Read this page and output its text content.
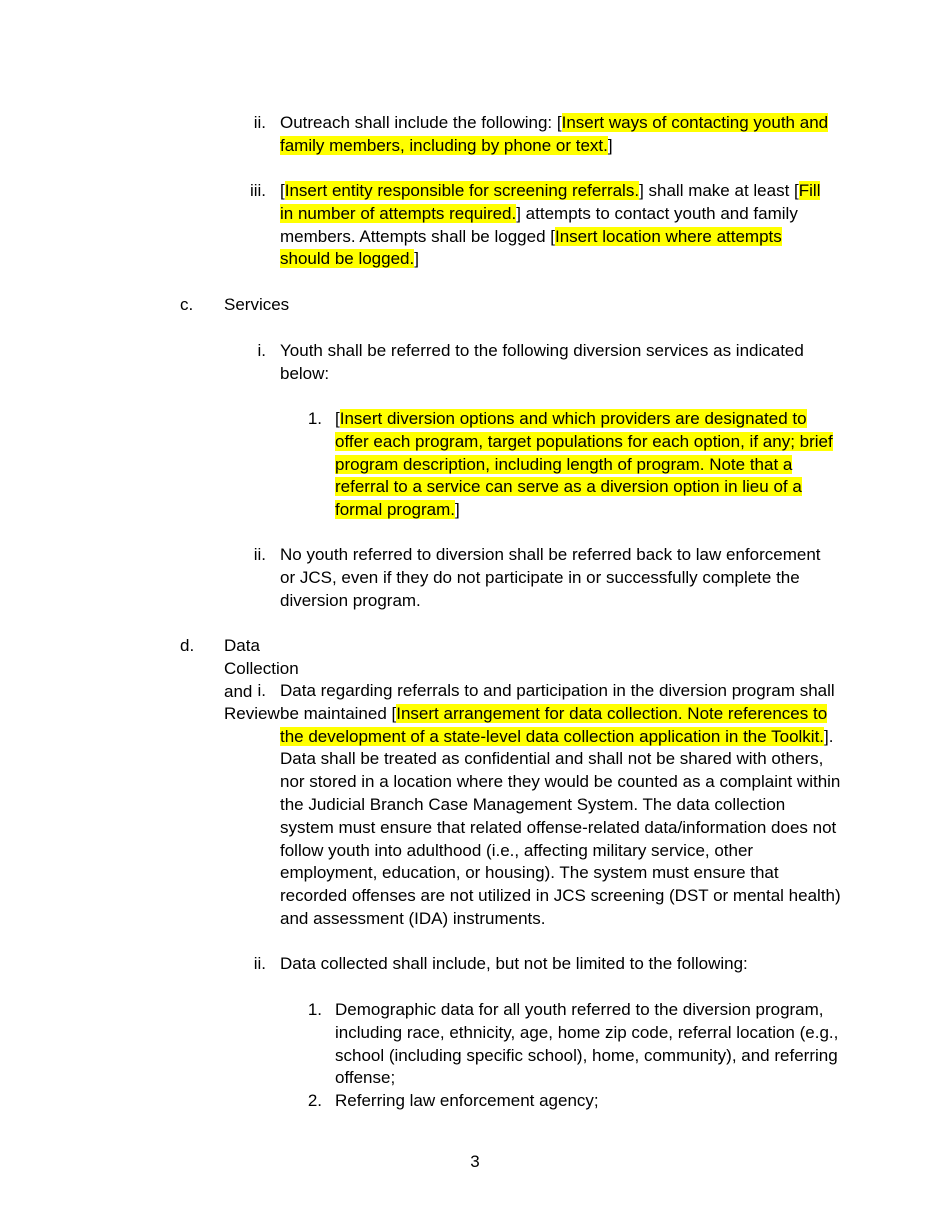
ii. Outreach shall include the following: [Insert ways of contacting youth and family members, including by phone or text.]
iii. [Insert entity responsible for screening referrals.] shall make at least [Fill in number of attempts required.] attempts to contact youth and family members. Attempts shall be logged [Insert location where attempts should be logged.]
c.	Services
i. Youth shall be referred to the following diversion services as indicated below:
1. [Insert diversion options and which providers are designated to offer each program, target populations for each option, if any; brief program description, including length of program. Note that a referral to a service can serve as a diversion option in lieu of a formal program.]
ii. No youth referred to diversion shall be referred back to law enforcement or JCS, even if they do not participate in or successfully complete the diversion program.
d.	Data Collection and Review
i. Data regarding referrals to and participation in the diversion program shall be maintained [Insert arrangement for data collection. Note references to the development of a state-level data collection application in the Toolkit.]. Data shall be treated as confidential and shall not be shared with others, nor stored in a location where they would be counted as a complaint within the Judicial Branch Case Management System. The data collection system must ensure that related offense-related data/information does not follow youth into adulthood (i.e., affecting military service, other employment, education, or housing). The system must ensure that recorded offenses are not utilized in JCS screening (DST or mental health) and assessment (IDA) instruments.
ii. Data collected shall include, but not be limited to the following:
1. Demographic data for all youth referred to the diversion program, including race, ethnicity, age, home zip code, referral location (e.g., school (including specific school), home, community), and referring offense;
2. Referring law enforcement agency;
3
